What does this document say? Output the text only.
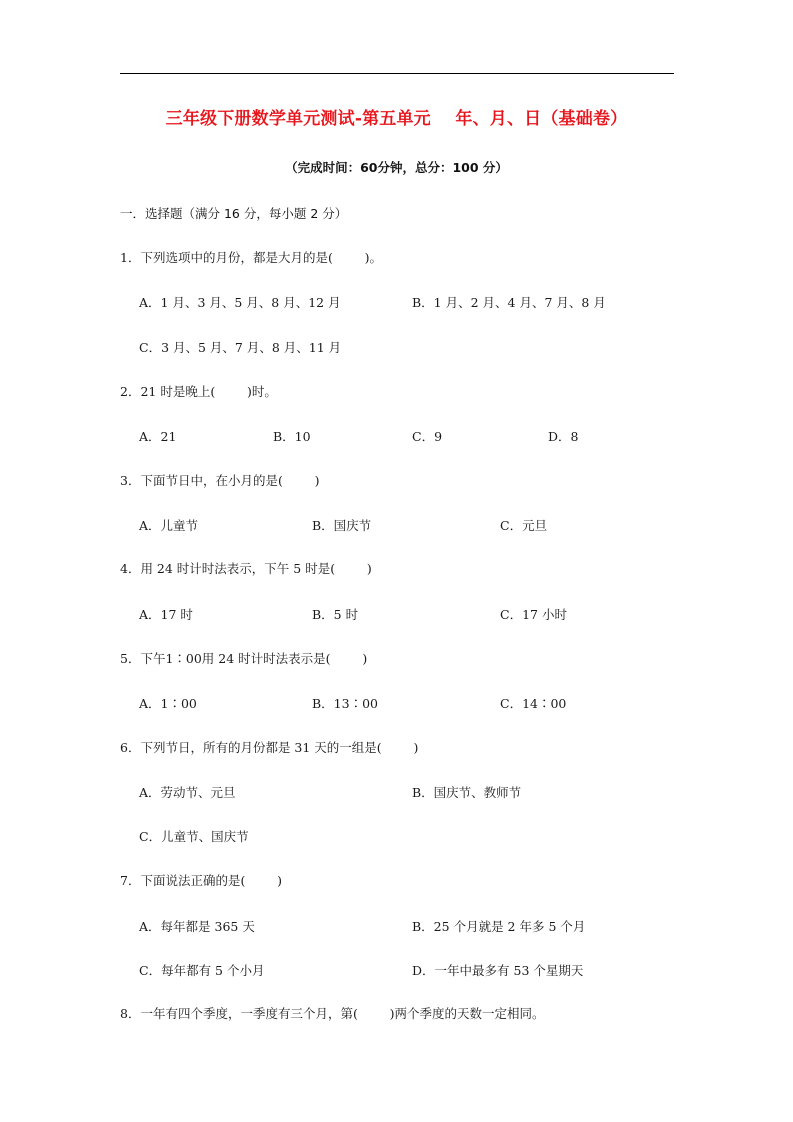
三年级下册数学单元测试-第五单元    年、月、日（基础卷）
（完成时间：60分钟，总分：100 分）
一．选择题（满分 16 分，每小题 2 分）
1．下列选项中的月份，都是大月的是(        )。
A．1 月、3 月、5 月、8 月、12 月	B．1 月、2 月、4 月、7 月、8 月
C．3 月、5 月、7 月、8 月、11 月
2．21 时是晚上(        )时。
A．21	B．10	C．9	D．8
3．下面节日中，在小月的是(        )
A．儿童节	B．国庆节	C．元旦
4．用 24 时计时法表示，下午 5 时是(        )
A．17 时	B．5 时	C．17 小时
5．下午1∶00用 24 时计时法表示是(        )
A．1∶00	B．13∶00	C．14∶00
6．下列节日，所有的月份都是 31 天的一组是(        )
A．劳动节、元旦	B．国庆节、教师节
C．儿童节、国庆节
7．下面说法正确的是(        )
A．每年都是 365 天	B．25 个月就是 2 年多 5 个月
C．每年都有 5 个小月	D．一年中最多有 53 个星期天
8．一年有四个季度，一季度有三个月，第(        )两个季度的天数一定相同。
